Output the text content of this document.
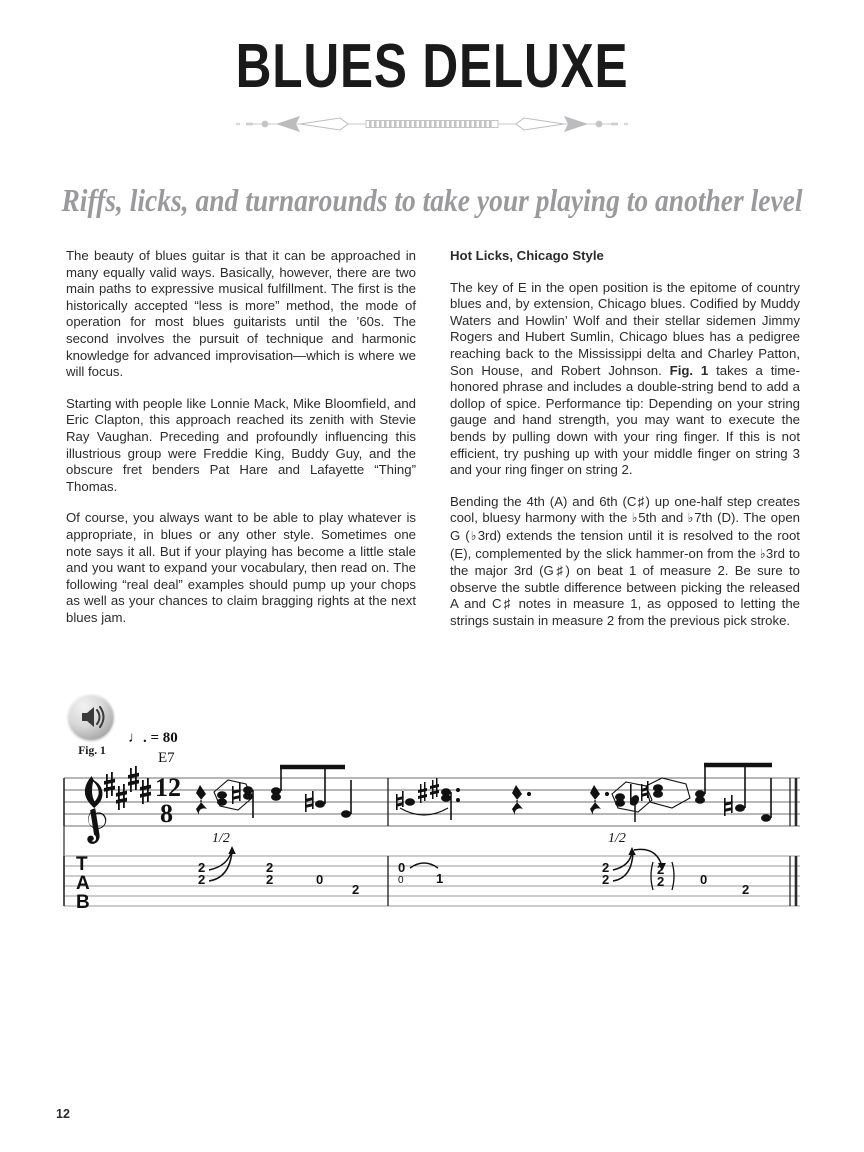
BLUES DELUXE
Riffs, licks, and turnarounds to take your playing to another level

The beauty of blues guitar is that it can be approached in many equally valid ways. Basically, however, there are two main paths to expressive musical fulfillment. The first is the historically accepted “less is more” method, the mode of operation for most blues guitarists until the ’60s. The second involves the pursuit of technique and harmonic knowledge for advanced improvisation—which is where we will focus.

Starting with people like Lonnie Mack, Mike Bloomfield, and Eric Clapton, this approach reached its zenith with Stevie Ray Vaughan. Preceding and profoundly influencing this illustrious group were Freddie King, Buddy Guy, and the obscure fret benders Pat Hare and Lafayette “Thing” Thomas.

Of course, you always want to be able to play whatever is appropriate, in blues or any other style. Sometimes one note says it all. But if your playing has become a little stale and you want to expand your vocabulary, then read on. The following “real deal” examples should pump up your chops as well as your chances to claim bragging rights at the next blues jam.

Hot Licks, Chicago Style

The key of E in the open position is the epitome of country blues and, by extension, Chicago blues. Codified by Muddy Waters and Howlin’ Wolf and their stellar sidemen Jimmy Rogers and Hubert Sumlin, Chicago blues has a pedigree reaching back to the Mississippi delta and Charley Patton, Son House, and Robert Johnson. Fig. 1 takes a time-honored phrase and includes a double-string bend to add a dollop of spice. Performance tip: Depending on your string gauge and hand strength, you may want to execute the bends by pulling down with your ring finger. If this is not efficient, try pushing up with your middle finger on string 3 and your ring finger on string 2.

Bending the 4th (A) and 6th (C♯) up one-half step creates cool, bluesy harmony with the ♭5th and ♭7th (D). The open G (♭3rd) extends the tension until it is resolved to the root (E), complemented by the slick hammer-on from the ♭3rd to the major 3rd (G♯) on beat 1 of measure 2. Be sure to observe the subtle difference between picking the released A and C♯ notes in measure 1, as opposed to letting the strings sustain in measure 2 from the previous pick stroke.

Fig. 1
♩. = 80
E7
12
8
T
A
B
1/2
2
2
2
2	0
2
0
0 1
1/2
2
2
2
2	0
2
12
